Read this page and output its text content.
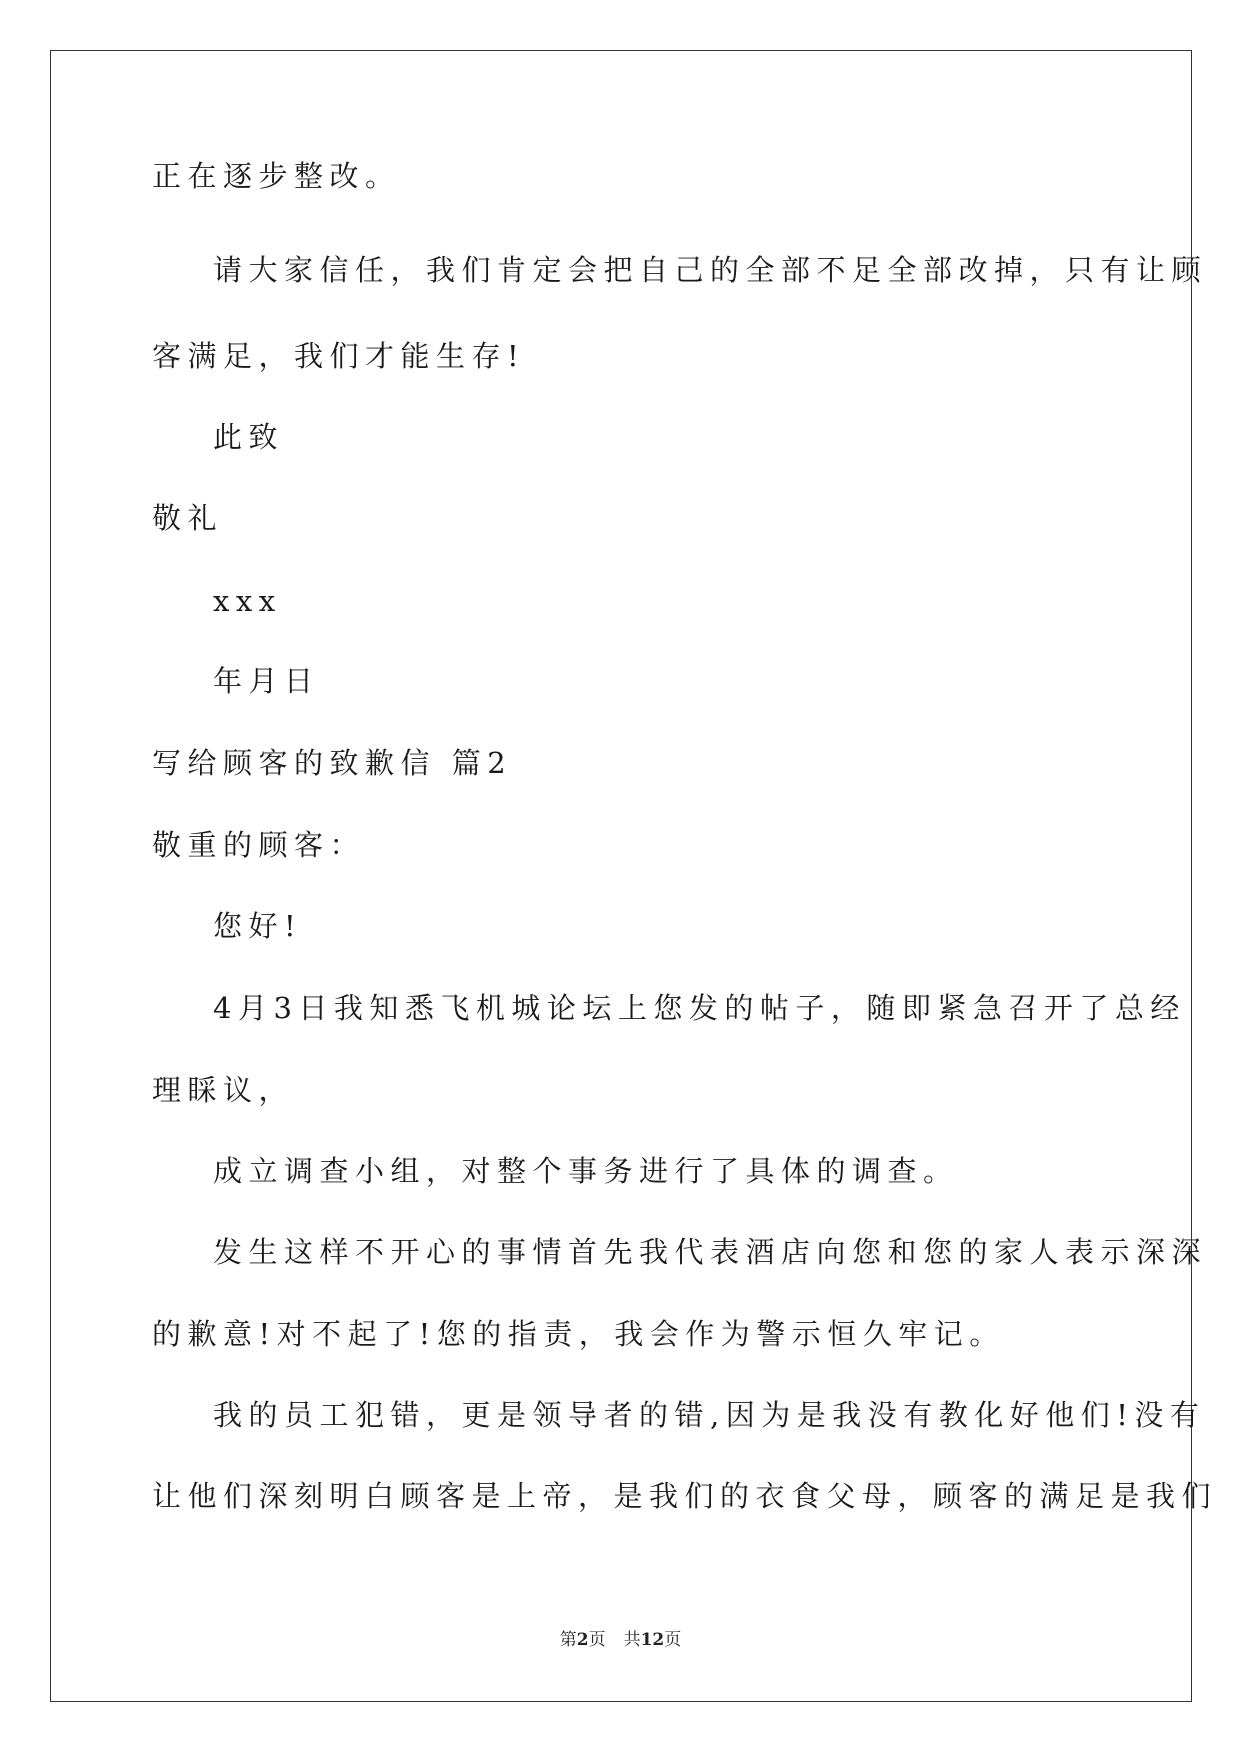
正在逐步整改。
请大家信任，我们肯定会把自己的全部不足全部改掉，只有让顾
客满足，我们才能生存!
此致
敬礼
xxx
年月日
写给顾客的致歉信 篇2
敬重的顾客：
您好!
4月3日我知悉飞机城论坛上您发的帖子，随即紧急召开了总经
理睬议，
成立调查小组，对整个事务进行了具体的调查。
发生这样不开心的事情首先我代表酒店向您和您的家人表示深深
的歉意!对不起了!您的指责，我会作为警示恒久牢记。
我的员工犯错，更是领导者的错,因为是我没有教化好他们!没有
让他们深刻明白顾客是上帝，是我们的衣食父母，顾客的满足是我们
第2页 共12页
